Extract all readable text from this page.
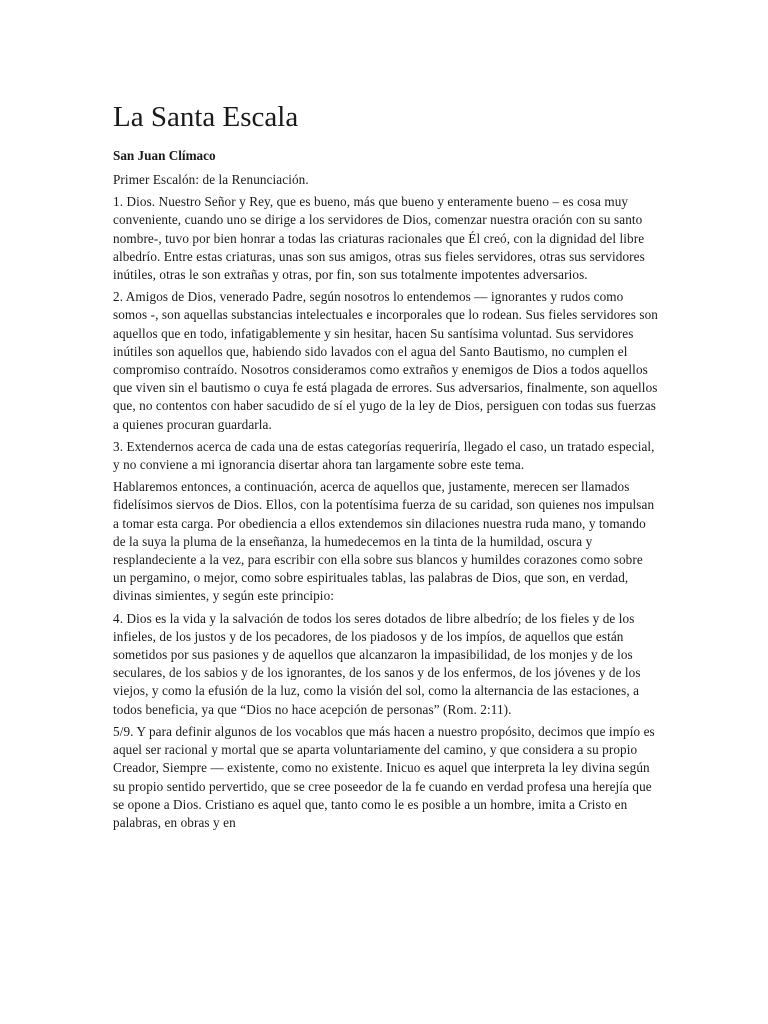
La Santa Escala
San Juan Clímaco

Primer Escalón: de la Renunciación.

1. Dios. Nuestro Señor y Rey, que es bueno, más que bueno y enteramente bueno – es cosa muy conveniente, cuando uno se dirige a los servidores de Dios, comenzar nuestra oración con su santo nombre-, tuvo por bien honrar a todas las criaturas racionales que Él creó, con la dignidad del libre albedrío. Entre estas criaturas, unas son sus amigos, otras sus fieles servidores, otras sus servidores inútiles, otras le son extrañas y otras, por fin, son sus totalmente impotentes adversarios.

2. Amigos de Dios, venerado Padre, según nosotros lo entendemos — ignorantes y rudos como somos -, son aquellas substancias intelectuales e incorporales que lo rodean. Sus fieles servidores son aquellos que en todo, infatigablemente y sin hesitar, hacen Su santísima voluntad. Sus servidores inútiles son aquellos que, habiendo sido lavados con el agua del Santo Bautismo, no cumplen el compromiso contraído. Nosotros consideramos como extraños y enemigos de Dios a todos aquellos que viven sin el bautismo o cuya fe está plagada de errores. Sus adversarios, finalmente, son aquellos que, no contentos con haber sacudido de sí el yugo de la ley de Dios, persiguen con todas sus fuerzas a quienes procuran guardarla.

3. Extendernos acerca de cada una de estas categorías requeriría, llegado el caso, un tratado especial, y no conviene a mi ignorancia disertar ahora tan largamente sobre este tema.

Hablaremos entonces, a continuación, acerca de aquellos que, justamente, merecen ser llamados fidelísimos siervos de Dios. Ellos, con la potentísima fuerza de su caridad, son quienes nos impulsan a tomar esta carga. Por obediencia a ellos extendemos sin dilaciones nuestra ruda mano, y tomando de la suya la pluma de la enseñanza, la humedecemos en la tinta de la humildad, oscura y resplandeciente a la vez, para escribir con ella sobre sus blancos y humildes corazones como sobre un pergamino, o mejor, como sobre espirituales tablas, las palabras de Dios, que son, en verdad, divinas simientes, y según este principio:

4. Dios es la vida y la salvación de todos los seres dotados de libre albedrío; de los fieles y de los infieles, de los justos y de los pecadores, de los piadosos y de los impíos, de aquellos que están sometidos por sus pasiones y de aquellos que alcanzaron la impasibilidad, de los monjes y de los seculares, de los sabios y de los ignorantes, de los sanos y de los enfermos, de los jóvenes y de los viejos, y como la efusión de la luz, como la visión del sol, como la alternancia de las estaciones, a todos beneficia, ya que “Dios no hace acepción de personas” (Rom. 2:11).

5/9. Y para definir algunos de los vocablos que más hacen a nuestro propósito, decimos que impío es aquel ser racional y mortal que se aparta voluntariamente del camino, y que considera a su propio Creador, Siempre — existente, como no existente. Inicuo es aquel que interpreta la ley divina según su propio sentido pervertido, que se cree poseedor de la fe cuando en verdad profesa una herejía que se opone a Dios. Cristiano es aquel que, tanto como le es posible a un hombre, imita a Cristo en palabras, en obras y en
